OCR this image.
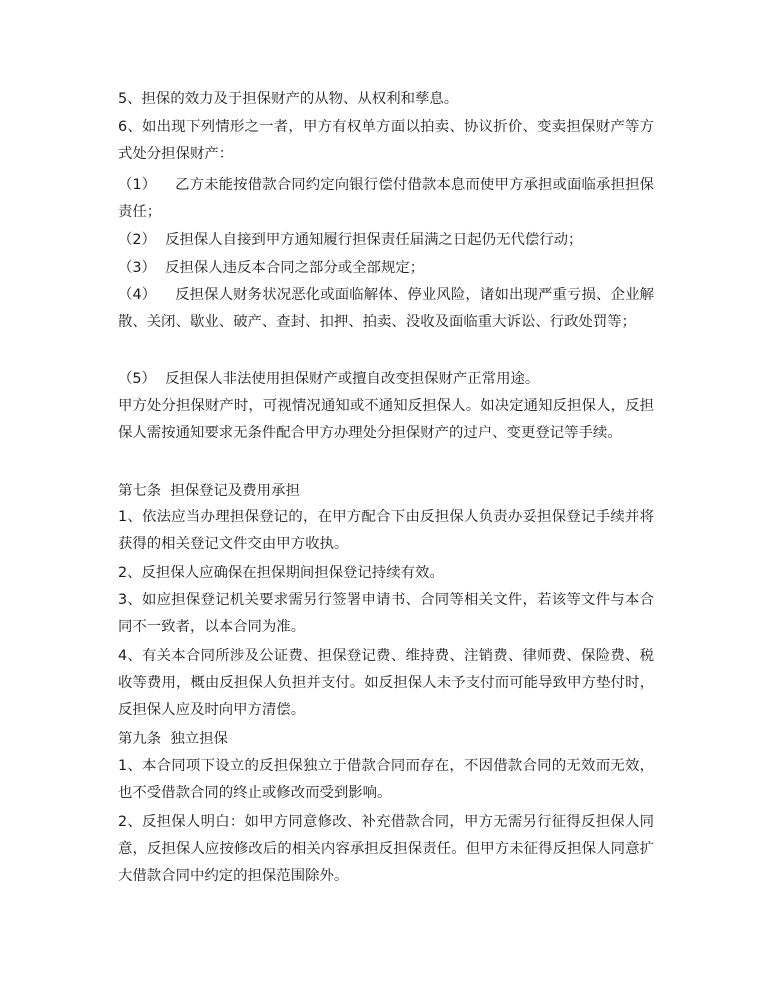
5、担保的效力及于担保财产的从物、从权利和孳息。

6、如出现下列情形之一者，甲方有权单方面以拍卖、协议折价、变卖担保财产等方式处分担保财产：

（1）    乙方未能按借款合同约定向银行偿付借款本息而使甲方承担或面临承担担保责任；

（2）  反担保人自接到甲方通知履行担保责任届满之日起仍无代偿行动；

（3）  反担保人违反本合同之部分或全部规定；

（4）    反担保人财务状况恶化或面临解体、停业风险，诸如出现严重亏损、企业解散、关闭、歇业、破产、查封、扣押、拍卖、没收及面临重大诉讼、行政处罚等；

（5）  反担保人非法使用担保财产或擅自改变担保财产正常用途。

甲方处分担保财产时，可视情况通知或不通知反担保人。如决定通知反担保人，反担保人需按通知要求无条件配合甲方办理处分担保财产的过户、变更登记等手续。

第七条  担保登记及费用承担

1、依法应当办理担保登记的，在甲方配合下由反担保人负责办妥担保登记手续并将获得的相关登记文件交由甲方收执。

2、反担保人应确保在担保期间担保登记持续有效。

3、如应担保登记机关要求需另行签署申请书、合同等相关文件，若该等文件与本合同不一致者，以本合同为准。

4、有关本合同所涉及公证费、担保登记费、维持费、注销费、律师费、保险费、税收等费用，概由反担保人负担并支付。如反担保人未予支付而可能导致甲方垫付时，反担保人应及时向甲方清偿。

第九条  独立担保

1、本合同项下设立的反担保独立于借款合同而存在，不因借款合同的无效而无效，也不受借款合同的终止或修改而受到影响。

2、反担保人明白：如甲方同意修改、补充借款合同，甲方无需另行征得反担保人同意，反担保人应按修改后的相关内容承担反担保责任。但甲方未征得反担保人同意扩大借款合同中约定的担保范围除外。
